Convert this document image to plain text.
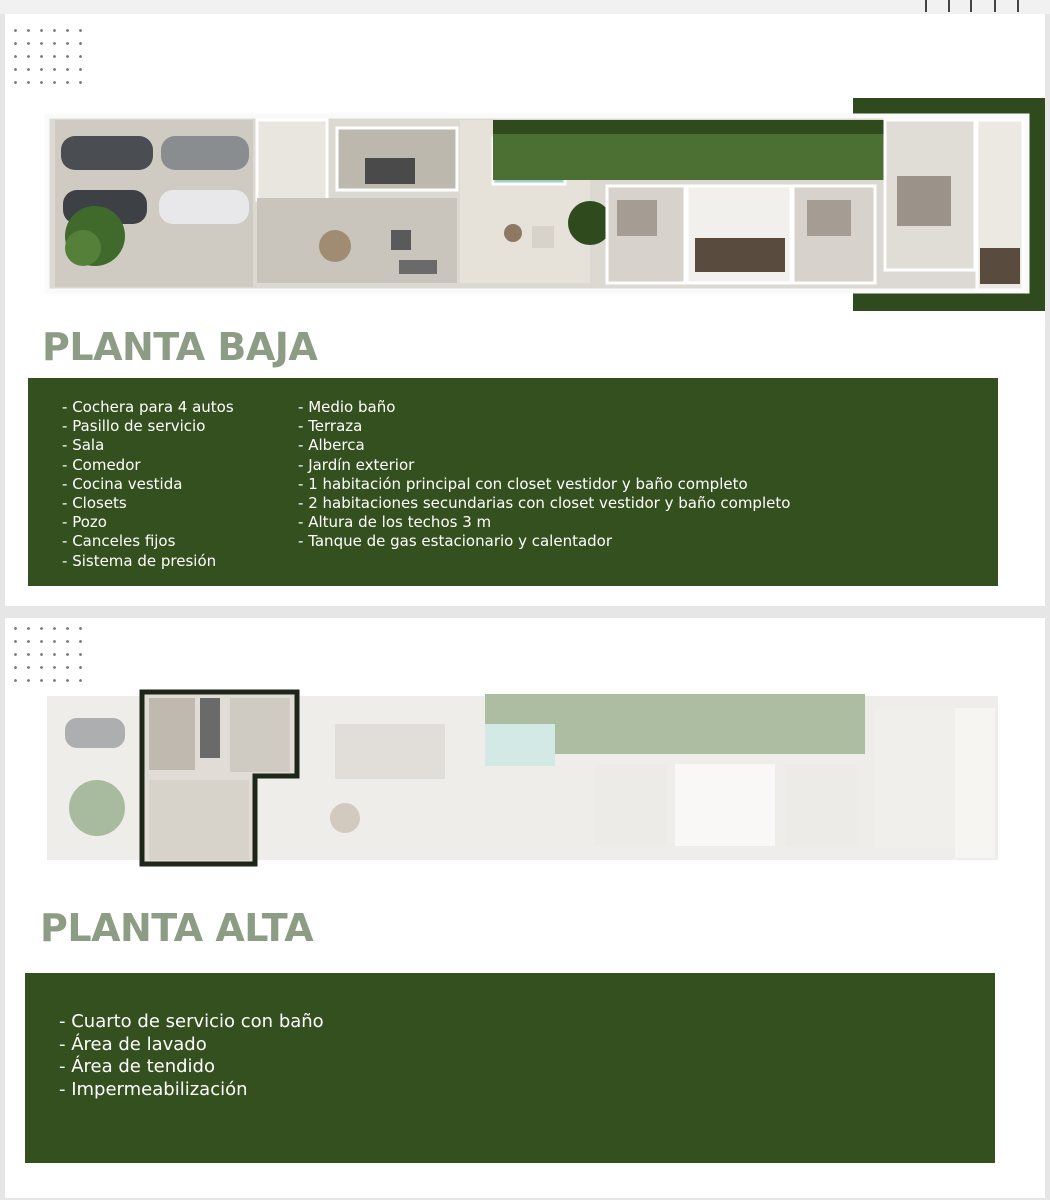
PLANTA BAJA
- Cochera para 4 autos
- Pasillo de servicio
- Sala
- Comedor
- Cocina vestida
- Closets
- Pozo
- Canceles fijos
- Sistema de presión
- Medio baño
- Terraza
- Alberca
- Jardín exterior
- 1 habitación principal con closet vestidor y baño completo
- 2 habitaciones secundarias con closet vestidor y baño completo
- Altura de los techos 3 m
- Tanque de gas estacionario y calentador
PLANTA ALTA
- Cuarto de servicio con baño
- Área de lavado
- Área de tendido
- Impermeabilización
